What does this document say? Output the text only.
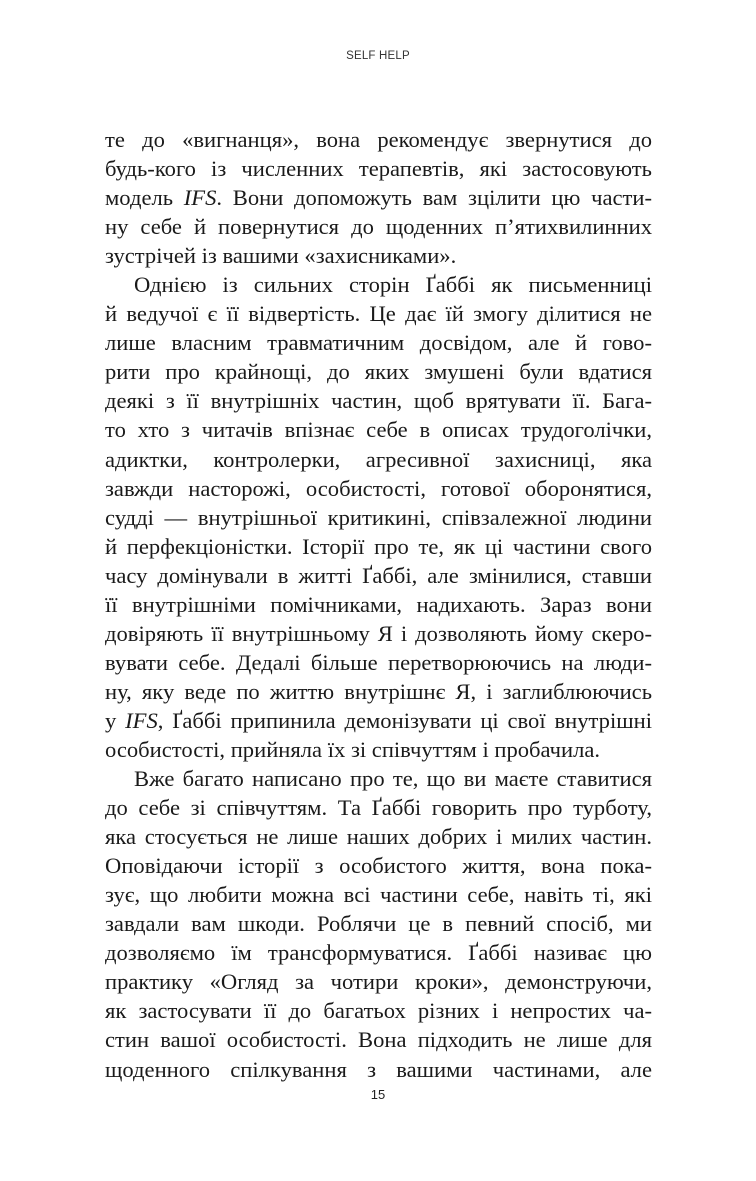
SELF HELP
те до «вигнанця», вона рекомендує звернутися до
будь-кого із численних терапевтів, які застосовують
модель IFS. Вони допоможуть вам зцілити цю части-
ну себе й повернутися до щоденних п’ятихвилинних
зустрічей із вашими «захисниками».
Однією із сильних сторін Ґаббі як письменниці
й ведучої є її відвертість. Це дає їй змогу ділитися не
лише власним травматичним досвідом, але й гово-
рити про крайнощі, до яких змушені були вдатися
деякі з її внутрішніх частин, щоб врятувати її. Бага-
то хто з читачів впізнає себе в описах трудоголічки,
адиктки, контролерки, агресивної захисниці, яка
завжди насторожі, особистості, готової оборонятися,
судді — внутрішньої критикині, співзалежної людини
й перфекціоністки. Історії про те, як ці частини свого
часу домінували в житті Ґаббі, але змінилися, ставши
її внутрішніми помічниками, надихають. Зараз вони
довіряють її внутрішньому Я і дозволяють йому скеро-
вувати себе. Дедалі більше перетворюючись на люди-
ну, яку веде по життю внутрішнє Я, і заглиблюючись
у IFS, Ґаббі припинила демонізувати ці свої внутрішні
особистості, прийняла їх зі співчуттям і пробачила.
Вже багато написано про те, що ви маєте ставитися
до себе зі співчуттям. Та Ґаббі говорить про турботу,
яка стосується не лише наших добрих і милих частин.
Оповідаючи історії з особистого життя, вона пока-
зує, що любити можна всі частини себе, навіть ті, які
завдали вам шкоди. Роблячи це в певний спосіб, ми
дозволяємо їм трансформуватися. Ґаббі називає цю
практику «Огляд за чотири кроки», демонструючи,
як застосувати її до багатьох різних і непростих ча-
стин вашої особистості. Вона підходить не лише для
щоденного спілкування з вашими частинами, але
15
